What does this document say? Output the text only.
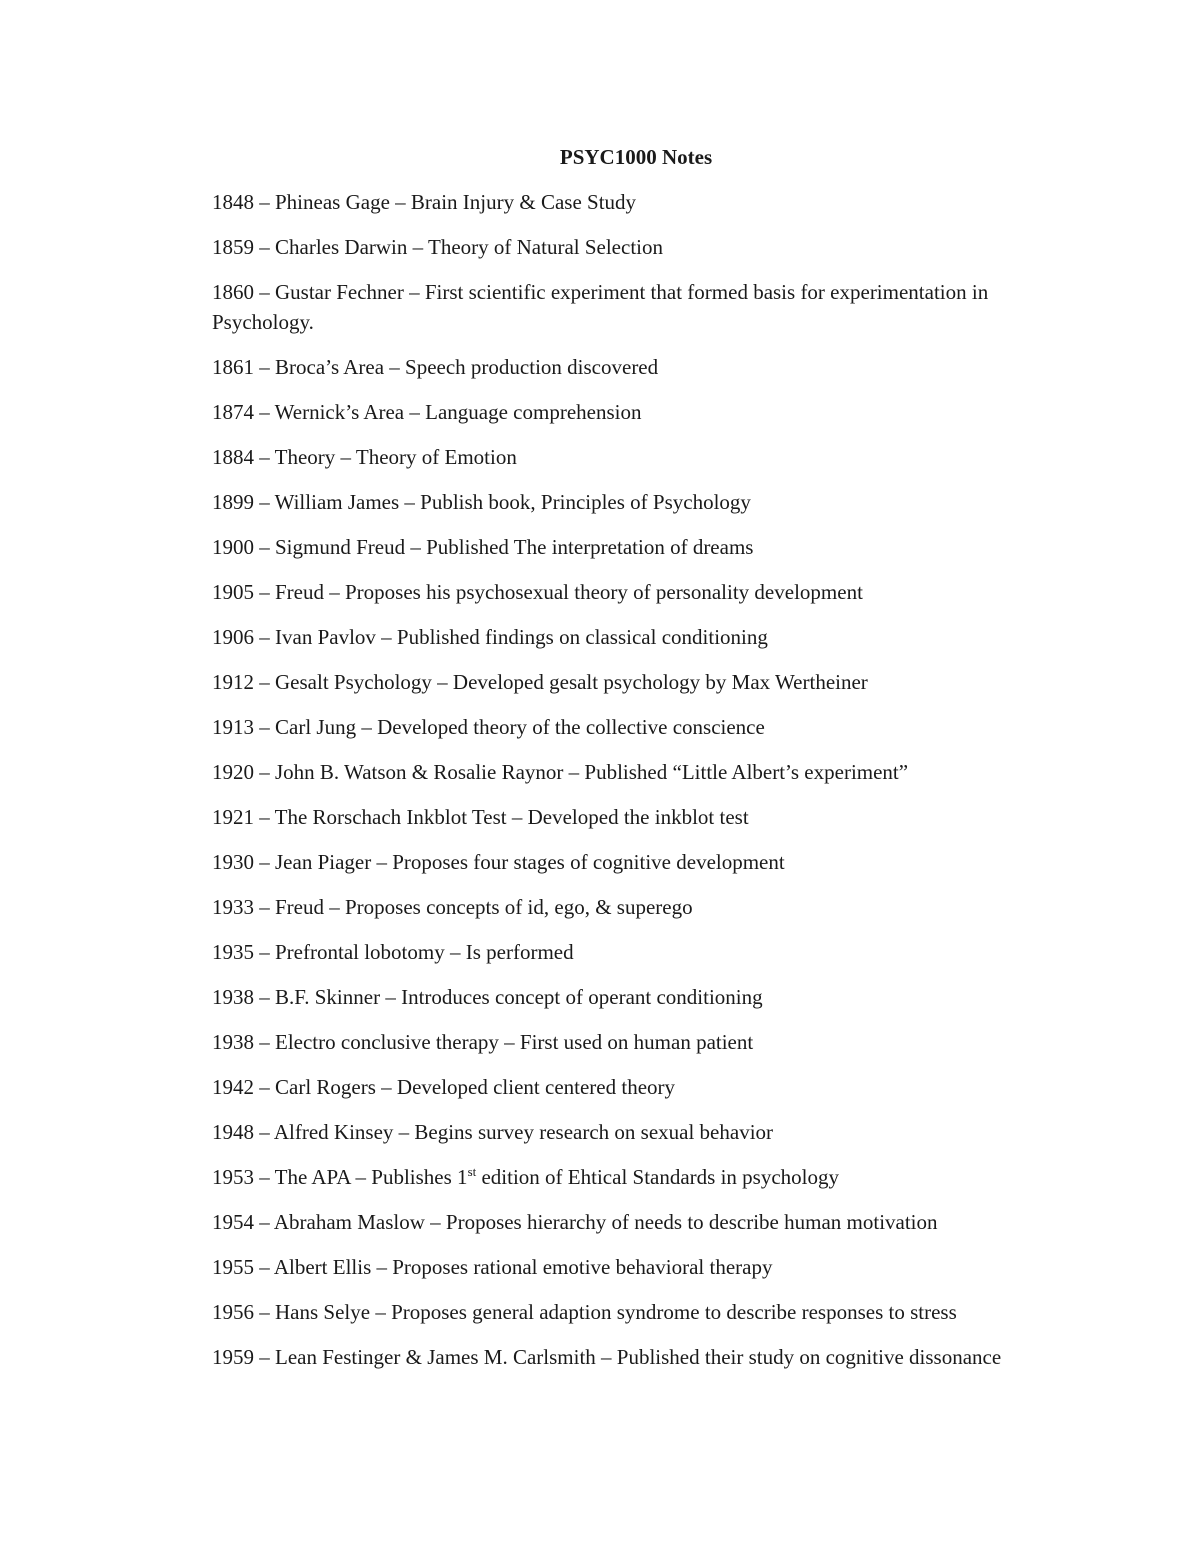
PSYC1000 Notes
1848 – Phineas Gage – Brain Injury & Case Study
1859 – Charles Darwin – Theory of Natural Selection
1860 – Gustar Fechner – First scientific experiment that formed basis for experimentation in Psychology.
1861 – Broca’s Area – Speech production discovered
1874 – Wernick’s Area – Language comprehension
1884 – Theory – Theory of Emotion
1899 – William James – Publish book, Principles of Psychology
1900 – Sigmund Freud – Published The interpretation of dreams
1905 – Freud – Proposes his psychosexual theory of personality development
1906 – Ivan Pavlov – Published findings on classical conditioning
1912 – Gesalt Psychology – Developed gesalt psychology by Max Wertheiner
1913 – Carl Jung – Developed theory of the collective conscience
1920 – John B. Watson & Rosalie Raynor – Published “Little Albert’s experiment”
1921 – The Rorschach Inkblot Test – Developed the inkblot test
1930 – Jean Piager – Proposes four stages of cognitive development
1933 – Freud – Proposes concepts of id, ego, & superego
1935 – Prefrontal lobotomy – Is performed
1938 – B.F. Skinner – Introduces concept of operant conditioning
1938 – Electro conclusive therapy – First used on human patient
1942 – Carl Rogers – Developed client centered theory
1948 – Alfred Kinsey – Begins survey research on sexual behavior
1953 – The APA – Publishes 1st edition of Ehtical Standards in psychology
1954 – Abraham Maslow – Proposes hierarchy of needs to describe human motivation
1955 – Albert Ellis – Proposes rational emotive behavioral therapy
1956 – Hans Selye – Proposes general adaption syndrome to describe responses to stress
1959 – Lean Festinger & James M. Carlsmith – Published their study on cognitive dissonance
